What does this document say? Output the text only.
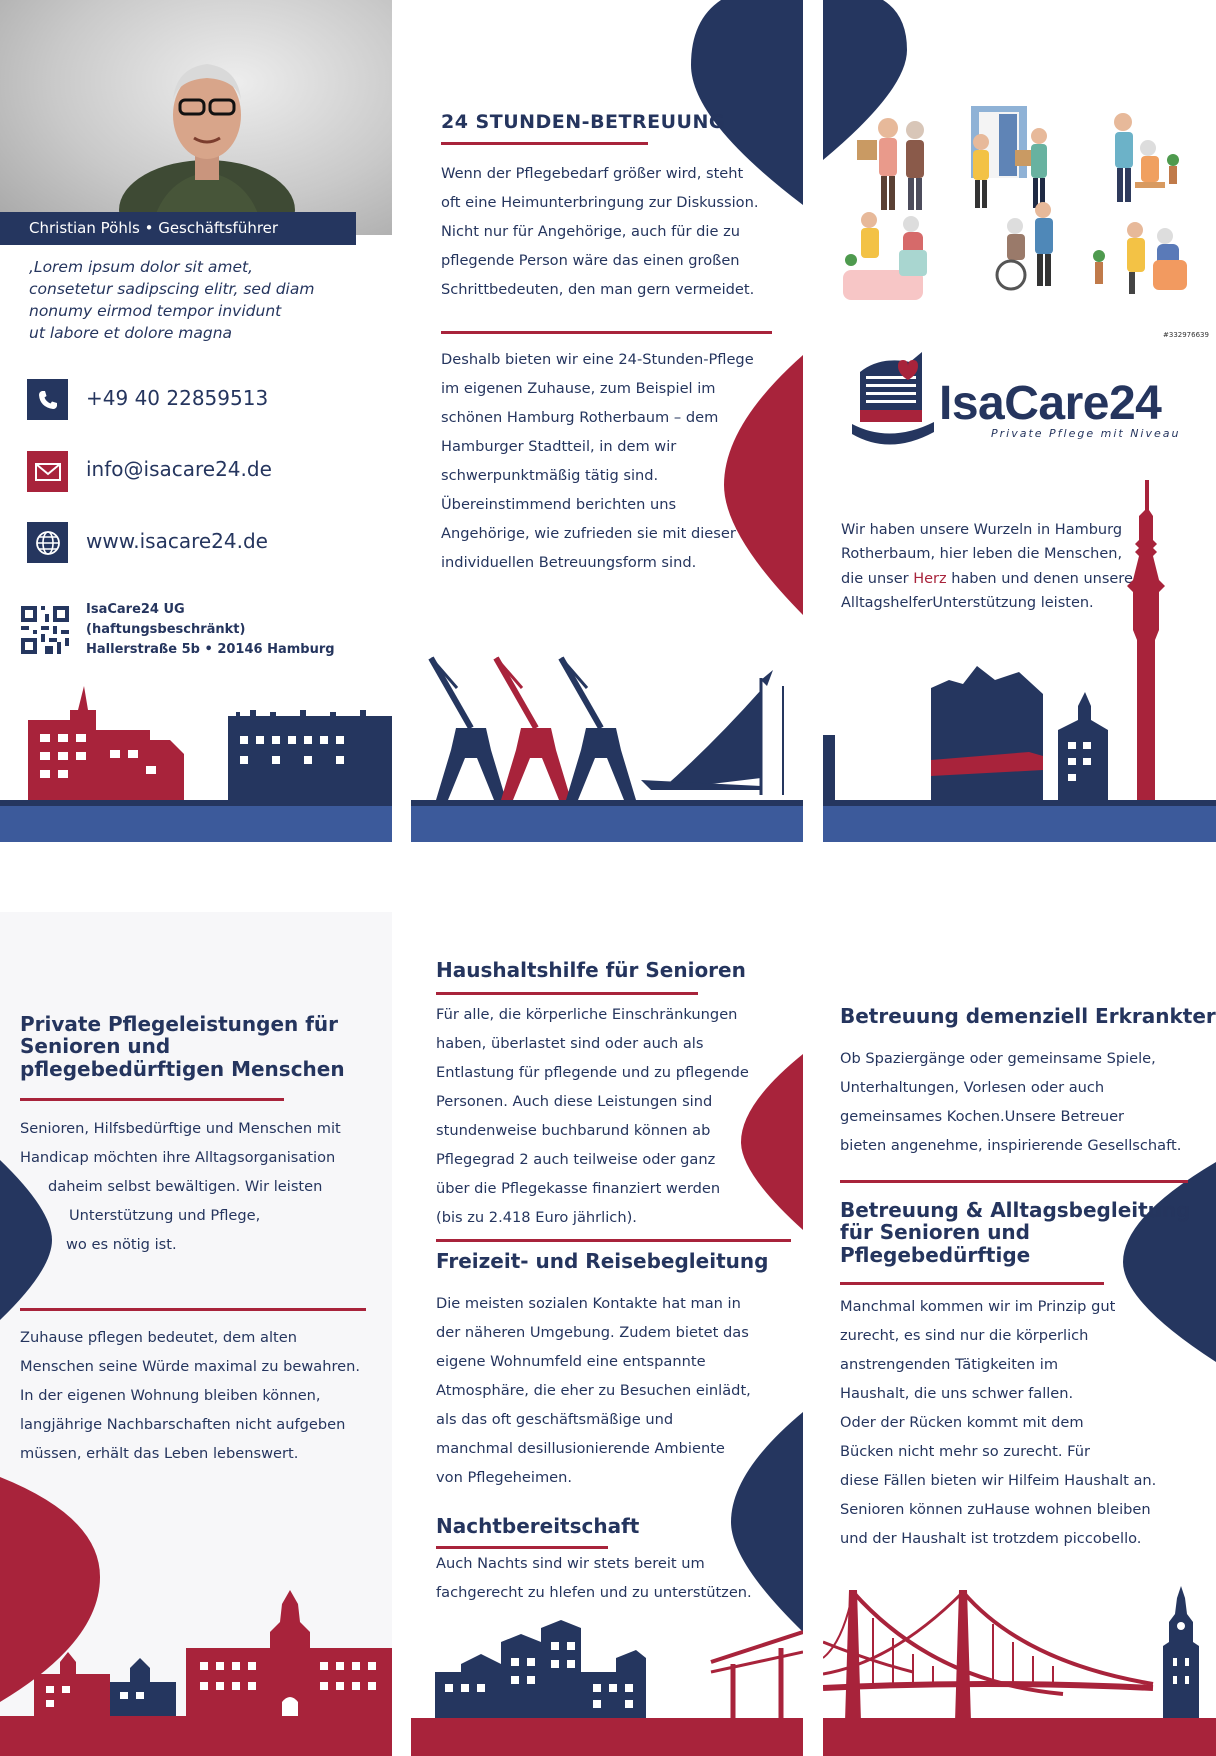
Christian Pöhls • Geschäftsführer
‚Lorem ipsum dolor sit amet,
consetetur sadipscing elitr, sed diam
nonumy eirmod tempor invidunt
ut labore et dolore magna
+49 40 22859513
info@isacare24.de
www.isacare24.de
IsaCare24 UG
(haftungsbeschränkt)
Hallerstraße 5b • 20146 Hamburg
24 STUNDEN-BETREUUNG

Wenn der Pflegebedarf größer wird, steht

oft eine Heimunterbringung zur Diskussion.

Nicht nur für Angehörige, auch für die zu

pflegende Person wäre das einen großen

Schrittbedeuten, den man gern vermeidet.

Deshalb bieten wir eine 24-Stunden-Pflege

im eigenen Zuhause, zum Beispiel im

schönen Hamburg Rotherbaum – dem

Hamburger Stadtteil, in dem wir

schwerpunktmäßig tätig sind.

Übereinstimmend berichten uns

Angehörige, wie zufrieden sie mit dieser

individuellen Betreuungsform sind.

#332976639
IsaCare24
Private Pflege mit Niveau
Wir haben unsere Wurzeln in Hamburg Rotherbaum, hier leben die Menschen, die unser Herz haben und denen unsere AlltagshelferUnterstützung leisten.
Private Pflegeleistungen für Senioren und pflegebedürftigen Menschen

Senioren, Hilfsbedürftige und Menschen mit

Handicap möchten ihre Alltagsorganisation

daheim selbst bewältigen. Wir leisten

Unterstützung und Pflege,

wo es nötig ist.

Zuhause pflegen bedeutet, dem alten

Menschen seine Würde maximal zu bewahren.

In der eigenen Wohnung bleiben können,

langjährige Nachbarschaften nicht aufgeben

müssen, erhält das Leben lebenswert.

Haushaltshilfe für Senioren

Für alle, die körperliche Einschränkungen

haben, überlastet sind oder auch als

Entlastung für pflegende und zu pflegende

Personen. Auch diese Leistungen sind

stundenweise buchbarund können ab

Pflegegrad 2 auch teilweise oder ganz

über die Pflegekasse finanziert werden

(bis zu 2.418 Euro jährlich).

Freizeit- und Reisebegleitung

Die meisten sozialen Kontakte hat man in

der näheren Umgebung. Zudem bietet das

eigene Wohnumfeld eine entspannte

Atmosphäre, die eher zu Besuchen einlädt,

als das oft geschäftsmäßige und

manchmal desillusionierende Ambiente

von Pflegeheimen.

Nachtbereitschaft

Auch Nachts sind wir stets bereit um

fachgerecht zu hlefen und zu unterstützen.

Betreuung demenziell Erkrankter

Ob Spaziergänge oder gemeinsame Spiele,

Unterhaltungen, Vorlesen oder auch

gemeinsames Kochen.Unsere Betreuer

bieten angenehme, inspirierende Gesellschaft.

Betreuung & Alltagsbegleitung für Senioren und Pflegebedürftige

Manchmal kommen wir im Prinzip gut

zurecht, es sind nur die körperlich

anstrengenden Tätigkeiten im

Haushalt, die uns schwer fallen.

Oder der Rücken kommt mit dem

Bücken nicht mehr so zurecht. Für

diese Fällen bieten wir Hilfeim Haushalt an.

Senioren können zuHause wohnen bleiben

und der Haushalt ist trotzdem piccobello.
